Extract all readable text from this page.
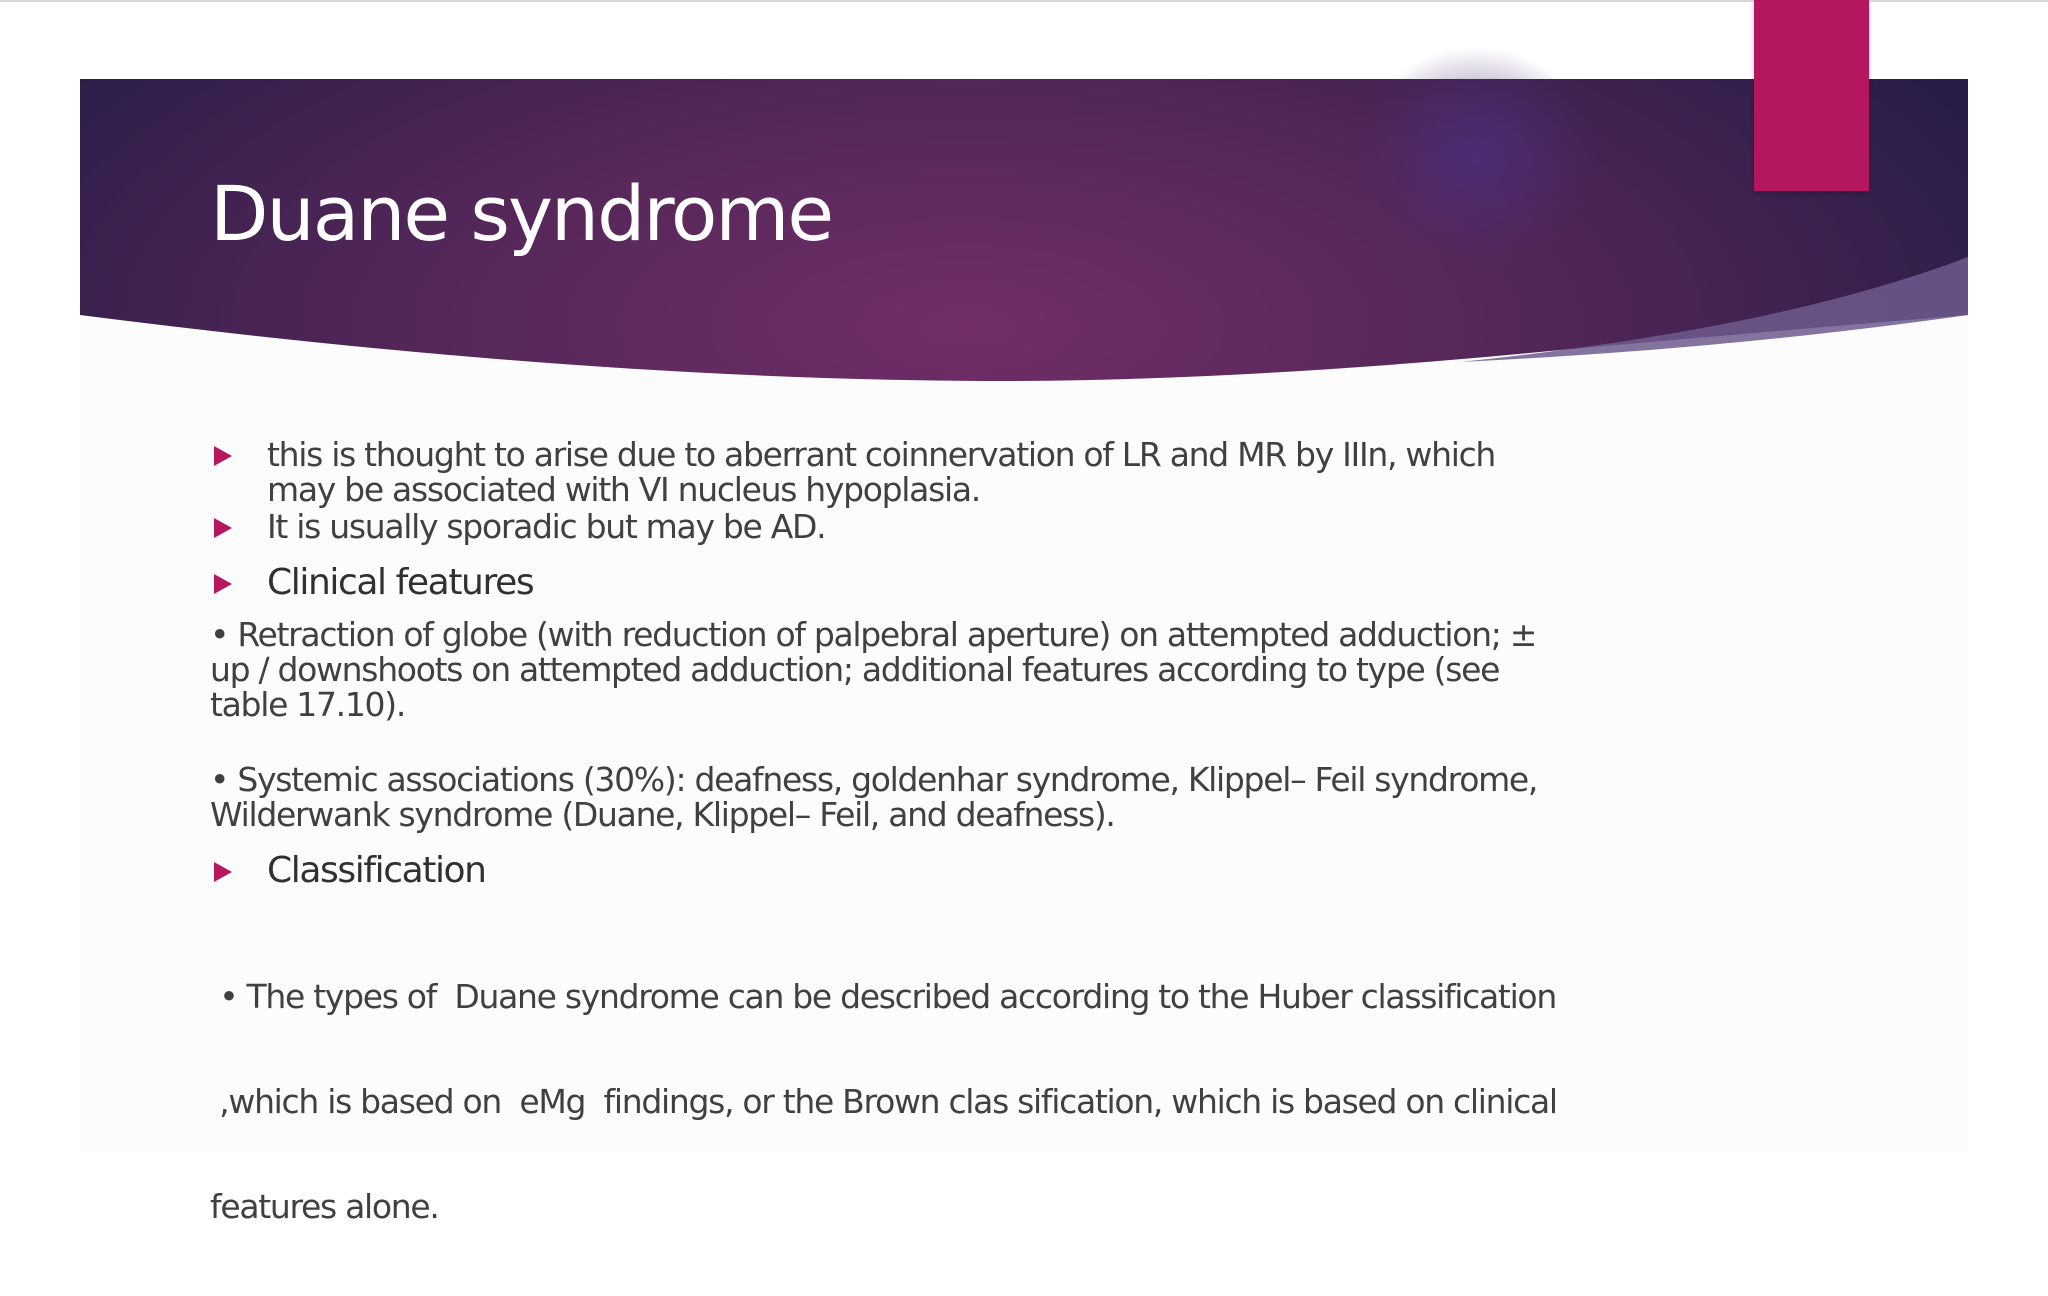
Duane syndrome
this is thought to arise due to aberrant coinnervation of LR and MR by IIIn, which
may be associated with VI nucleus hypoplasia.
It is usually sporadic but may be AD.
Clinical features
• Retraction of globe (with reduction of palpebral aperture) on attempted adduction; ±
up / downshoots on attempted adduction; additional features according to type (see
table 17.10).
• Systemic associations (30%): deafness, goldenhar syndrome, Klippel– Feil syndrome,
Wilderwank syndrome (Duane, Klippel– Feil, and deafness).
Classification

• The types of  Duane syndrome can be described according to the Huber classification

,which is based on  eMg  findings, or the Brown clas sification, which is based on clinical

features alone.
